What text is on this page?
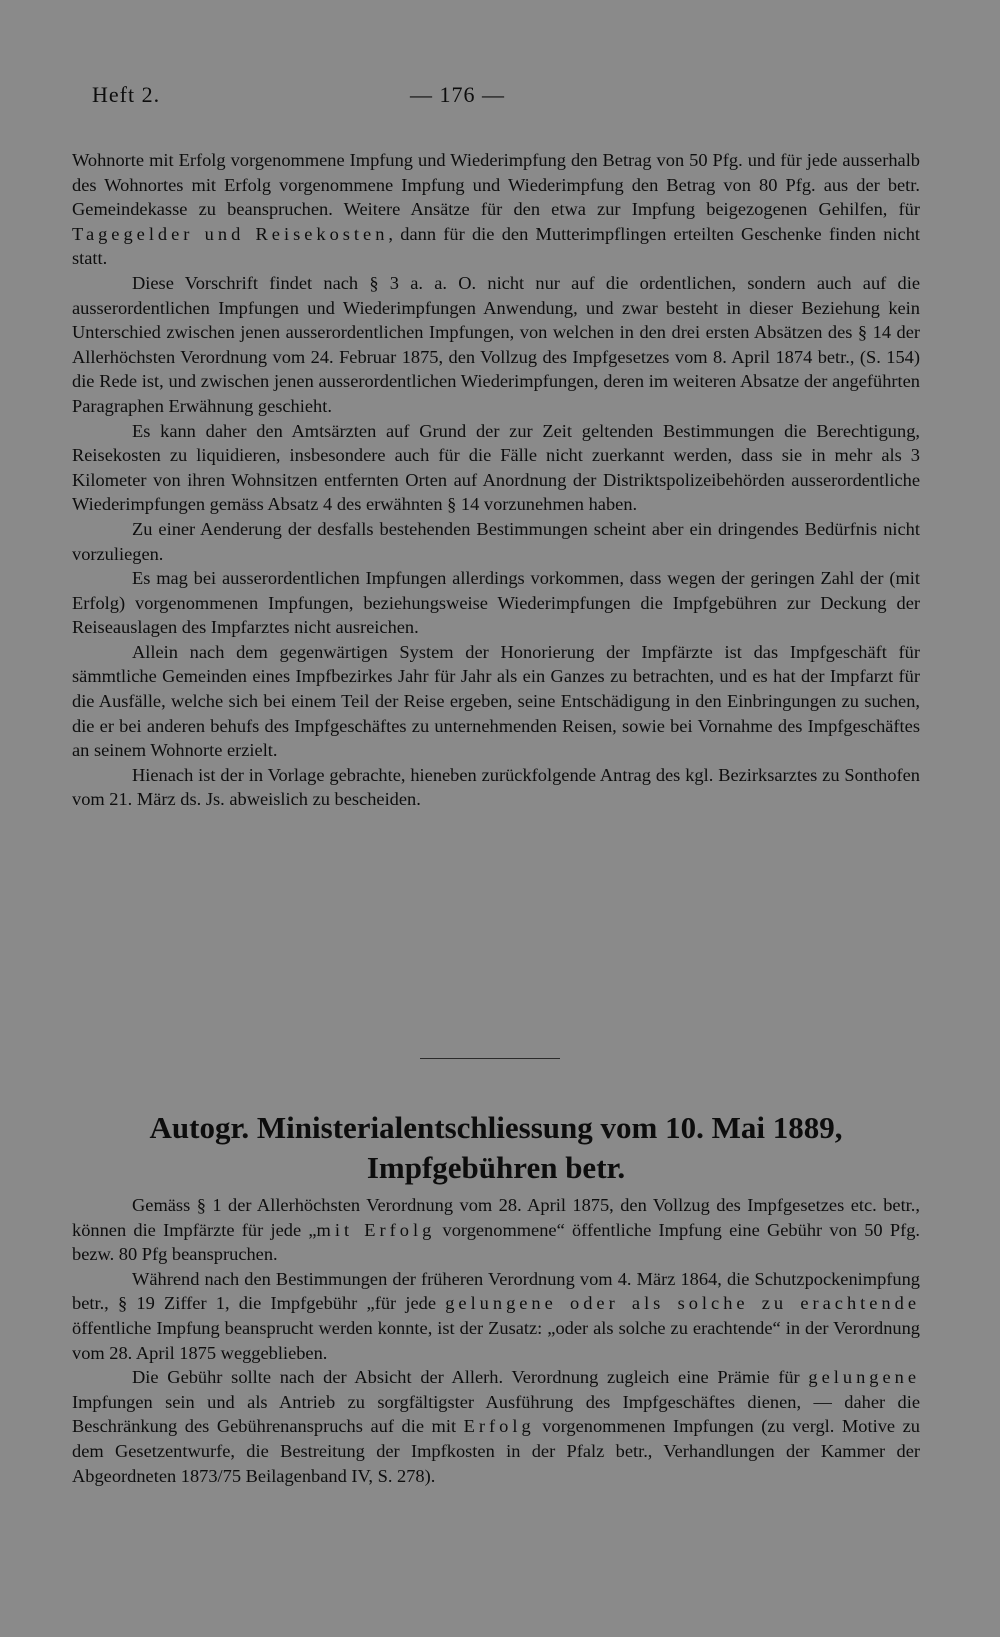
Heft 2.	— 176 —

Wohnorte mit Erfolg vorgenommene Impfung und Wiederimpfung den Betrag von 50 Pfg. und für jede ausserhalb des Wohnortes mit Erfolg vorgenommene Impfung und Wiederimpfung den Betrag von 80 Pfg. aus der betr. Gemeindekasse zu beanspruchen. Weitere Ansätze für den etwa zur Impfung beigezogenen Gehilfen, für Tagegelder und Reisekosten, dann für die den Mutterimpflingen erteilten Geschenke finden nicht statt.

Diese Vorschrift findet nach § 3 a. a. O. nicht nur auf die ordentlichen, sondern auch auf die ausserordentlichen Impfungen und Wiederimpfungen Anwendung, und zwar besteht in dieser Beziehung kein Unterschied zwischen jenen ausserordentlichen Impfungen, von welchen in den drei ersten Absätzen des § 14 der Allerhöchsten Verordnung vom 24. Februar 1875, den Vollzug des Impfgesetzes vom 8. April 1874 betr., (S. 154) die Rede ist, und zwischen jenen ausserordentlichen Wiederimpfungen, deren im weiteren Absatze der angeführten Paragraphen Erwähnung geschieht.

Es kann daher den Amtsärzten auf Grund der zur Zeit geltenden Bestimmungen die Berechtigung, Reisekosten zu liquidieren, insbesondere auch für die Fälle nicht zuerkannt werden, dass sie in mehr als 3 Kilometer von ihren Wohnsitzen entfernten Orten auf Anordnung der Distriktspolizeibehörden ausserordentliche Wiederimpfungen gemäss Absatz 4 des erwähnten § 14 vorzunehmen haben.

Zu einer Aenderung der desfalls bestehenden Bestimmungen scheint aber ein dringendes Bedürfnis nicht vorzuliegen.

Es mag bei ausserordentlichen Impfungen allerdings vorkommen, dass wegen der geringen Zahl der (mit Erfolg) vorgenommenen Impfungen, beziehungsweise Wiederimpfungen die Impfgebühren zur Deckung der Reiseauslagen des Impfarztes nicht ausreichen.

Allein nach dem gegenwärtigen System der Honorierung der Impfärzte ist das Impfgeschäft für sämmtliche Gemeinden eines Impfbezirkes Jahr für Jahr als ein Ganzes zu betrachten, und es hat der Impfarzt für die Ausfälle, welche sich bei einem Teil der Reise ergeben, seine Entschädigung in den Einbringungen zu suchen, die er bei anderen behufs des Impfgeschäftes zu unternehmenden Reisen, sowie bei Vornahme des Impfgeschäftes an seinem Wohnorte erzielt.

Hienach ist der in Vorlage gebrachte, hieneben zurückfolgende Antrag des kgl. Bezirksarztes zu Sonthofen vom 21. März ds. Js. abweislich zu bescheiden.

Autogr. Ministerialentschliessung vom 10. Mai 1889,
Impfgebühren betr.

Gemäss § 1 der Allerhöchsten Verordnung vom 28. April 1875, den Vollzug des Impfgesetzes etc. betr., können die Impfärzte für jede „mit Erfolg vorgenommene“ öffentliche Impfung eine Gebühr von 50 Pfg. bezw. 80 Pfg beanspruchen.

Während nach den Bestimmungen der früheren Verordnung vom 4. März 1864, die Schutzpockenimpfung betr., § 19 Ziffer 1, die Impfgebühr „für jede gelungene oder als solche zu erachtende öffentliche Impfung beansprucht werden konnte, ist der Zusatz: „oder als solche zu erachtende“ in der Verordnung vom 28. April 1875 weggeblieben.

Die Gebühr sollte nach der Absicht der Allerh. Verordnung zugleich eine Prämie für gelungene Impfungen sein und als Antrieb zu sorgfältigster Ausführung des Impfgeschäftes dienen, — daher die Beschränkung des Gebührenanspruchs auf die mit Erfolg vorgenommenen Impfungen (zu vergl. Motive zu dem Gesetzentwurfe, die Bestreitung der Impfkosten in der Pfalz betr., Verhandlungen der Kammer der Abgeordneten 1873/75 Beilagenband IV, S. 278).
